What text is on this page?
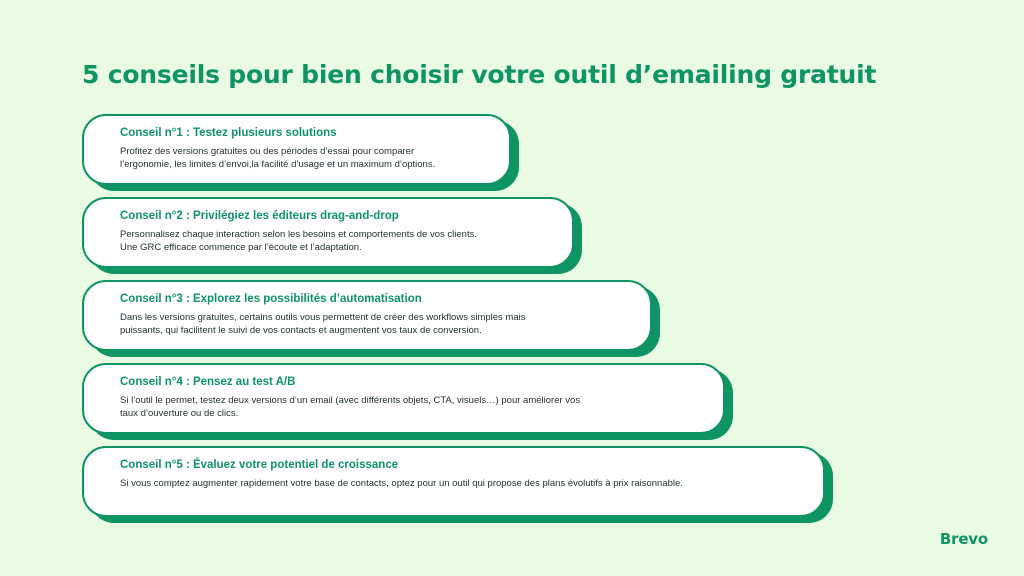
5 conseils pour bien choisir votre outil d’emailing gratuit

Conseil n°1 : Testez plusieurs solutions

Profitez des versions gratuites ou des périodes d’essai pour comparer
l’ergonomie, les limites d’envoi,la facilité d’usage et un maximum d’options.

Conseil n°2 : Privilégiez les éditeurs drag-and-drop

Personnalisez chaque interaction selon les besoins et comportements de vos clients.
Une GRC efficace commence par l’écoute et l’adaptation.

Conseil n°3 : Explorez les possibilités d’automatisation

Dans les versions gratuites, certains outils vous permettent de créer des workflows simples mais
puissants, qui facilitent le suivi de vos contacts et augmentent vos taux de conversion.

Conseil n°4 : Pensez au test A/B

Si l’outil le permet, testez deux versions d’un email (avec différents objets, CTA, visuels…) pour améliorer vos
taux d’ouverture ou de clics.

Conseil n°5 : Évaluez votre potentiel de croissance

Si vous comptez augmenter rapidement votre base de contacts, optez pour un outil qui propose des plans évolutifs à prix raisonnable.

Brevo
